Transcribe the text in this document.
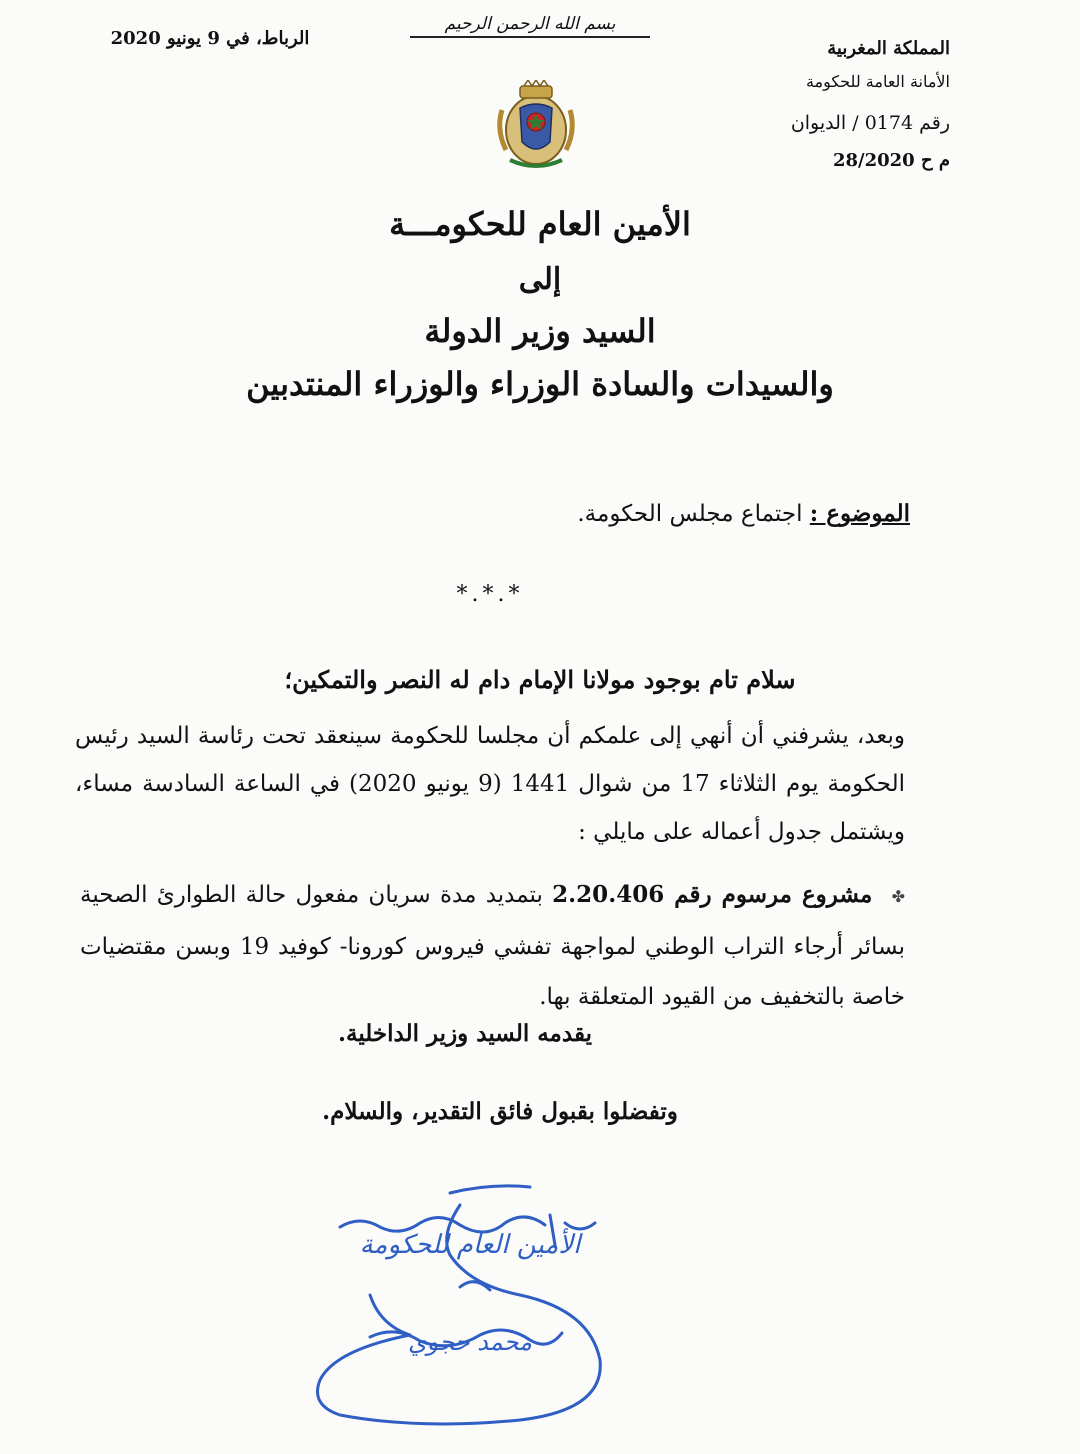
الرباط، في 9 يونيو 2020
بسم الله الرحمن الرحيم
المملكة المغربية
الأمانة العامة للحكومة
رقم 0174 / الديوان
م ح 28/2020
الأمين العام للحكومـــة
إلى
السيد وزير الدولة
والسيدات والسادة الوزراء والوزراء المنتدبين
الموضوع : اجتماع مجلس الحكومة.
*.*.*
سلام تام بوجود مولانا الإمام دام له النصر والتمكين؛
وبعد، يشرفني أن أنهي إلى علمكم أن مجلسا للحكومة سينعقد تحت رئاسة السيد رئيس الحكومة يوم الثلاثاء 17 من شوال 1441 (9 يونيو 2020) في الساعة السادسة مساء، ويشتمل جدول أعماله على مايلي :
✤ مشروع مرسوم رقم 2.20.406 بتمديد مدة سريان مفعول حالة الطوارئ الصحية بسائر أرجاء التراب الوطني لمواجهة تفشي فيروس كورونا- كوفيد 19 وبسن مقتضيات خاصة بالتخفيف من القيود المتعلقة بها.
يقدمه السيد وزير الداخلية.
وتفضلوا بقبول فائق التقدير، والسلام.
الأمين العام للحكومة
محمد حجوي
